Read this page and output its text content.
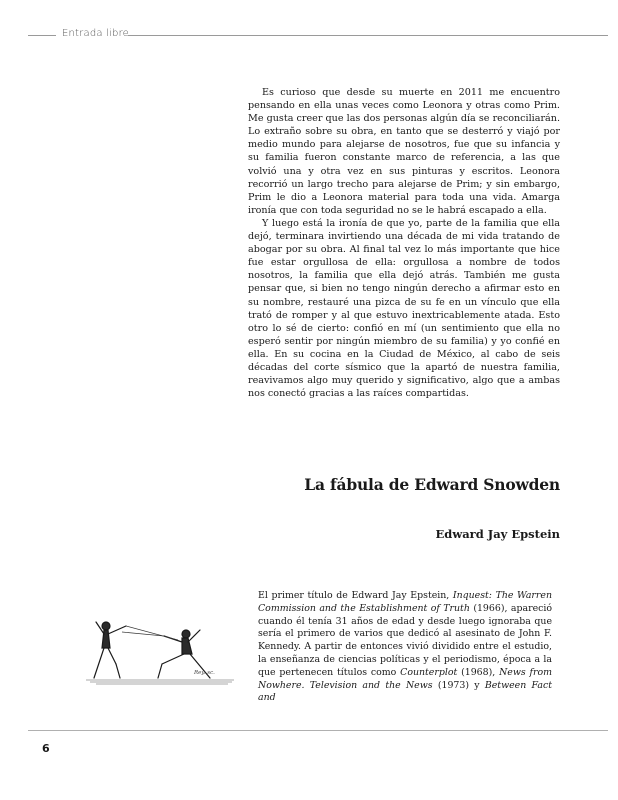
Entrada libre

Es curioso que desde su muerte en 2011 me encuentro pensando en ella unas veces como Leonora y otras como Prim. Me gusta creer que las dos personas algún día se reconciliarán. Lo extraño sobre su obra, en tanto que se desterró y viajó por medio mundo para alejarse de nosotros, fue que su infancia y su familia fueron constante marco de referencia, a las que volvió una y otra vez en sus pinturas y escritos. Leonora recorrió un largo trecho para alejarse de Prim; y sin embargo, Prim le dio a Leonora material para toda una vida. Amarga ironía que con toda seguridad no se le habrá escapado a ella.

Y luego está la ironía de que yo, parte de la familia que ella dejó, terminara invirtiendo una década de mi vida tratando de abogar por su obra. Al final tal vez lo más importante que hice fue estar orgullosa de ella: orgullosa a nombre de todos nosotros, la familia que ella dejó atrás. También me gusta pensar que, si bien no tengo ningún derecho a afirmar esto en su nombre, restauré una pizca de su fe en un vínculo que ella trató de romper y al que estuvo inextricablemente atada. Esto otro lo sé de cierto: confió en mí (un sentimiento que ella no esperó sentir por ningún miembro de su familia) y yo confié en ella. En su cocina en la Ciudad de México, al cabo de seis décadas del corte sísmico que la apartó de nuestra familia, reavivamos algo muy querido y significativo, algo que a ambas nos conectó gracias a las raíces compartidas.

La fábula de Edward Snowden
Edward Jay Epstein
Rey. sc.

El primer título de Edward Jay Epstein, Inquest: The Warren Commission and the Establishment of Truth (1966), apareció cuando él tenía 31 años de edad y desde luego ignoraba que sería el primero de varios que dedicó al asesinato de John F. Kennedy. A partir de entonces vivió dividido entre el estudio, la enseñanza de ciencias políticas y el periodismo, época a la que pertenecen títulos como Counterplot (1968), News from Nowhere. Television and the News (1973) y Between Fact and

6
